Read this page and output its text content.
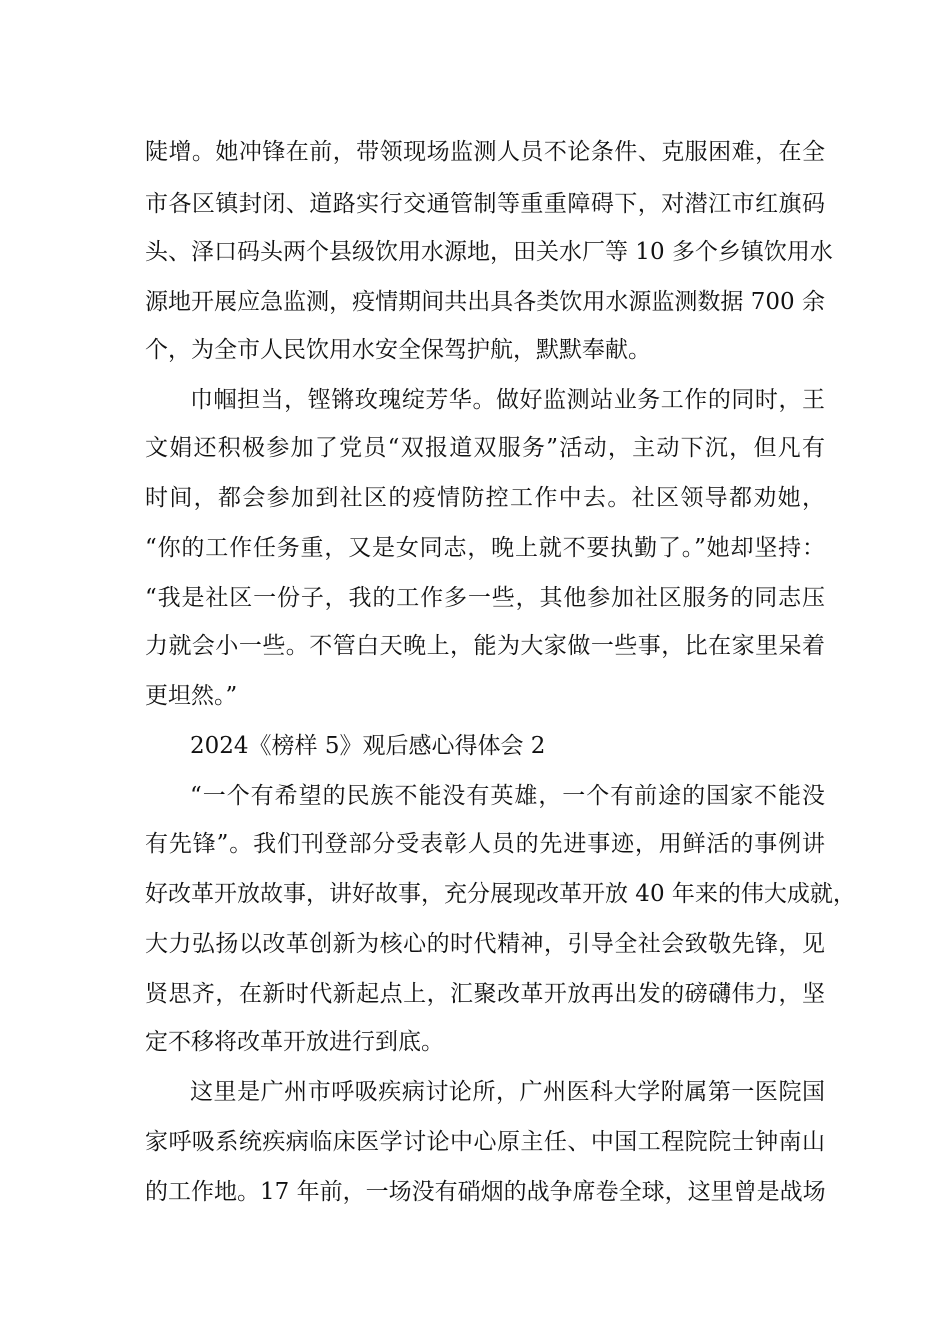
陡增。她冲锋在前，带领现场监测人员不论条件、克服困难，在全
市各区镇封闭、道路实行交通管制等重重障碍下，对潜江市红旗码
头、泽口码头两个县级饮用水源地，田关水厂等 10 多个乡镇饮用水
源地开展应急监测，疫情期间共出具各类饮用水源监测数据 700 余
个，为全市人民饮用水安全保驾护航，默默奉献。
巾帼担当，铿锵玫瑰绽芳华。做好监测站业务工作的同时，王
文娟还积极参加了党员“双报道双服务”活动，主动下沉，但凡有
时间，都会参加到社区的疫情防控工作中去。社区领导都劝她，
“你的工作任务重，又是女同志，晚上就不要执勤了。”她却坚持：
“我是社区一份子，我的工作多一些，其他参加社区服务的同志压
力就会小一些。不管白天晚上，能为大家做一些事，比在家里呆着
更坦然。”
2024《榜样 5》观后感心得体会 2
“一个有希望的民族不能没有英雄，一个有前途的国家不能没
有先锋”。我们刊登部分受表彰人员的先进事迹，用鲜活的事例讲
好改革开放故事，讲好故事，充分展现改革开放 40 年来的伟大成就，
大力弘扬以改革创新为核心的时代精神，引导全社会致敬先锋，见
贤思齐，在新时代新起点上，汇聚改革开放再出发的磅礴伟力，坚
定不移将改革开放进行到底。
这里是广州市呼吸疾病讨论所，广州医科大学附属第一医院国
家呼吸系统疾病临床医学讨论中心原主任、中国工程院院士钟南山
的工作地。17 年前，一场没有硝烟的战争席卷全球，这里曾是战场
